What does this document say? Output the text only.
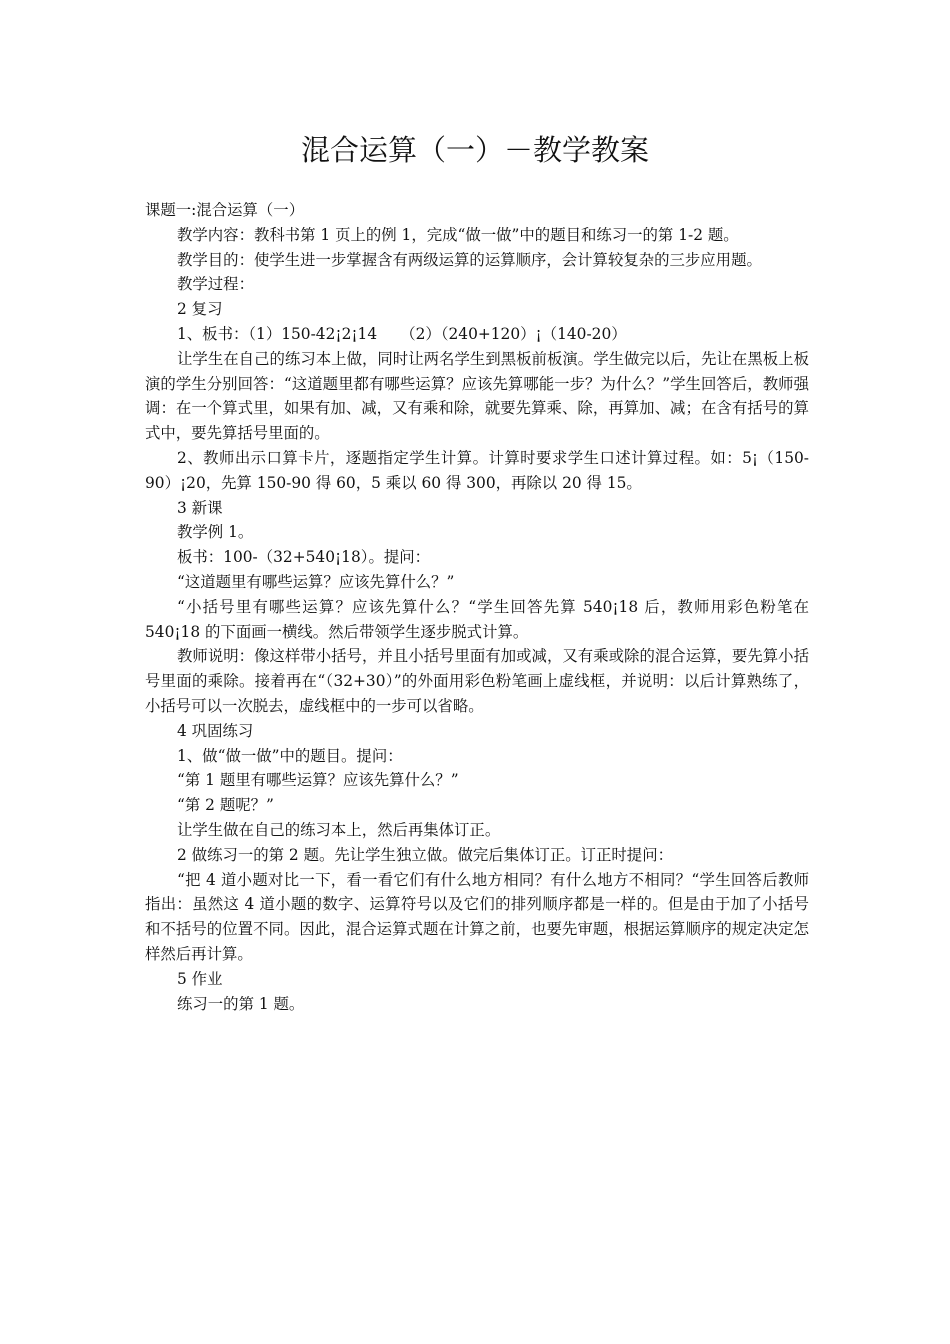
混合运算（一）－教学教案

课题一:混合运算（一）

教学内容：教科书第 1 页上的例 1，完成“做一做”中的题目和练习一的第 1-2 题。

教学目的：使学生进一步掌握含有两级运算的运算顺序，会计算较复杂的三步应用题。

教学过程：

2 复习

1、板书：（1）150-42¡2¡14　　（2）（240+120）¡（140-20）

让学生在自己的练习本上做，同时让两名学生到黑板前板演。学生做完以后，先让在黑板上板演的学生分别回答：“这道题里都有哪些运算？应该先算哪能一步？为什么？”学生回答后，教师强调：在一个算式里，如果有加、减，又有乘和除，就要先算乘、除，再算加、减；在含有括号的算式中，要先算括号里面的。

2、教师出示口算卡片，逐题指定学生计算。计算时要求学生口述计算过程。如：5¡（150-90）¡20，先算 150-90 得 60，5 乘以 60 得 300，再除以 20 得 15。

3 新课

教学例 1。

板书：100-（32+540¡18）。提问：

“这道题里有哪些运算？应该先算什么？”

“小括号里有哪些运算？应该先算什么？“学生回答先算 540¡18 后，教师用彩色粉笔在 540¡18 的下面画一横线。然后带领学生逐步脱式计算。

教师说明：像这样带小括号，并且小括号里面有加或减，又有乘或除的混合运算，要先算小括号里面的乘除。接着再在“（32+30）”的外面用彩色粉笔画上虚线框，并说明：以后计算熟练了，小括号可以一次脱去，虚线框中的一步可以省略。

4 巩固练习

1、做“做一做”中的题目。提问：

“第 1 题里有哪些运算？应该先算什么？”

“第 2 题呢？”

让学生做在自己的练习本上，然后再集体订正。

2 做练习一的第 2 题。先让学生独立做。做完后集体订正。订正时提问：

“把 4 道小题对比一下，看一看它们有什么地方相同？有什么地方不相同？“学生回答后教师指出：虽然这 4 道小题的数字、运算符号以及它们的排列顺序都是一样的。但是由于加了小括号和不括号的位置不同。因此，混合运算式题在计算之前，也要先审题，根据运算顺序的规定决定怎样然后再计算。

5 作业

练习一的第 1 题。
